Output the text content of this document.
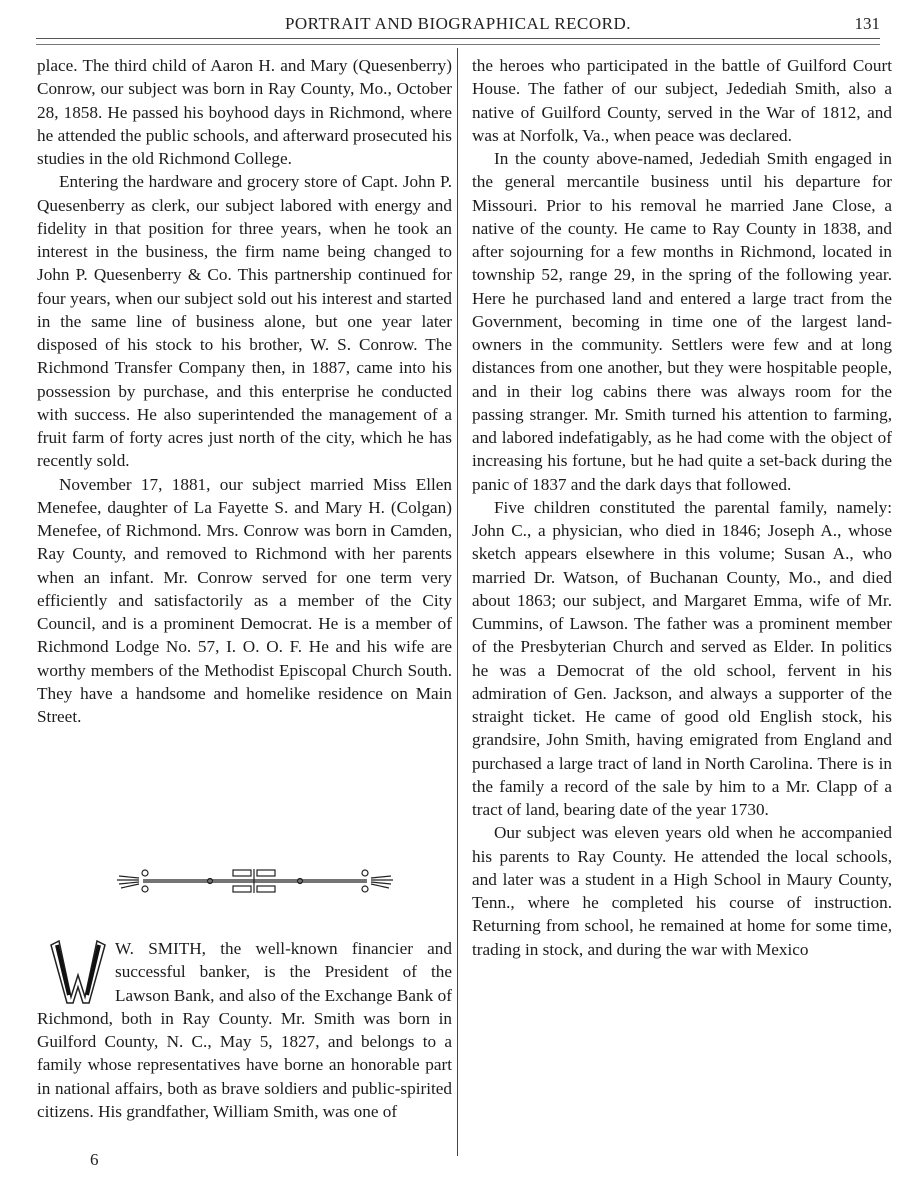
PORTRAIT AND BIOGRAPHICAL RECORD.	131

place. The third child of Aaron H. and Mary (Quesenberry) Conrow, our subject was born in Ray County, Mo., October 28, 1858. He passed his boyhood days in Richmond, where he attended the public schools, and afterward prosecuted his studies in the old Richmond College.

Entering the hardware and grocery store of Capt. John P. Quesenberry as clerk, our subject labored with energy and fidelity in that position for three years, when he took an interest in the business, the firm name being changed to John P. Quesenberry & Co. This partnership continued for four years, when our subject sold out his interest and started in the same line of business alone, but one year later disposed of his stock to his brother, W. S. Conrow. The Richmond Transfer Company then, in 1887, came into his possession by purchase, and this enterprise he conducted with success. He also superintended the management of a fruit farm of forty acres just north of the city, which he has recently sold.

November 17, 1881, our subject married Miss Ellen Menefee, daughter of La Fayette S. and Mary H. (Colgan) Menefee, of Richmond. Mrs. Conrow was born in Camden, Ray County, and removed to Richmond with her parents when an infant. Mr. Conrow served for one term very efficiently and satisfactorily as a member of the City Council, and is a prominent Democrat. He is a member of Richmond Lodge No. 57, I. O. O. F. He and his wife are worthy members of the Methodist Episcopal Church South. They have a handsome and homelike residence on Main Street.

W. SMITH, the well-known financier and successful banker, is the President of the Lawson Bank, and also of the Exchange Bank of Richmond, both in Ray County. Mr. Smith was born in Guilford County, N. C., May 5, 1827, and belongs to a family whose representatives have borne an honorable part in national affairs, both as brave soldiers and public-spirited citizens. His grandfather, William Smith, was one of

the heroes who participated in the battle of Guilford Court House. The father of our subject, Jedediah Smith, also a native of Guilford County, served in the War of 1812, and was at Norfolk, Va., when peace was declared.

In the county above-named, Jedediah Smith engaged in the general mercantile business until his departure for Missouri. Prior to his removal he married Jane Close, a native of the county. He came to Ray County in 1838, and after sojourning for a few months in Richmond, located in township 52, range 29, in the spring of the following year. Here he purchased land and entered a large tract from the Government, becoming in time one of the largest land-owners in the community. Settlers were few and at long distances from one another, but they were hospitable people, and in their log cabins there was always room for the passing stranger. Mr. Smith turned his attention to farming, and labored indefatigably, as he had come with the object of increasing his fortune, but he had quite a set-back during the panic of 1837 and the dark days that followed.

Five children constituted the parental family, namely: John C., a physician, who died in 1846; Joseph A., whose sketch appears elsewhere in this volume; Susan A., who married Dr. Watson, of Buchanan County, Mo., and died about 1863; our subject, and Margaret Emma, wife of Mr. Cummins, of Lawson. The father was a prominent member of the Presbyterian Church and served as Elder. In politics he was a Democrat of the old school, fervent in his admiration of Gen. Jackson, and always a supporter of the straight ticket. He came of good old English stock, his grandsire, John Smith, having emigrated from England and purchased a large tract of land in North Carolina. There is in the family a record of the sale by him to a Mr. Clapp of a tract of land, bearing date of the year 1730.

Our subject was eleven years old when he accompanied his parents to Ray County. He attended the local schools, and later was a student in a High School in Maury County, Tenn., where he completed his course of instruction. Returning from school, he remained at home for some time, trading in stock, and during the war with Mexico

6
